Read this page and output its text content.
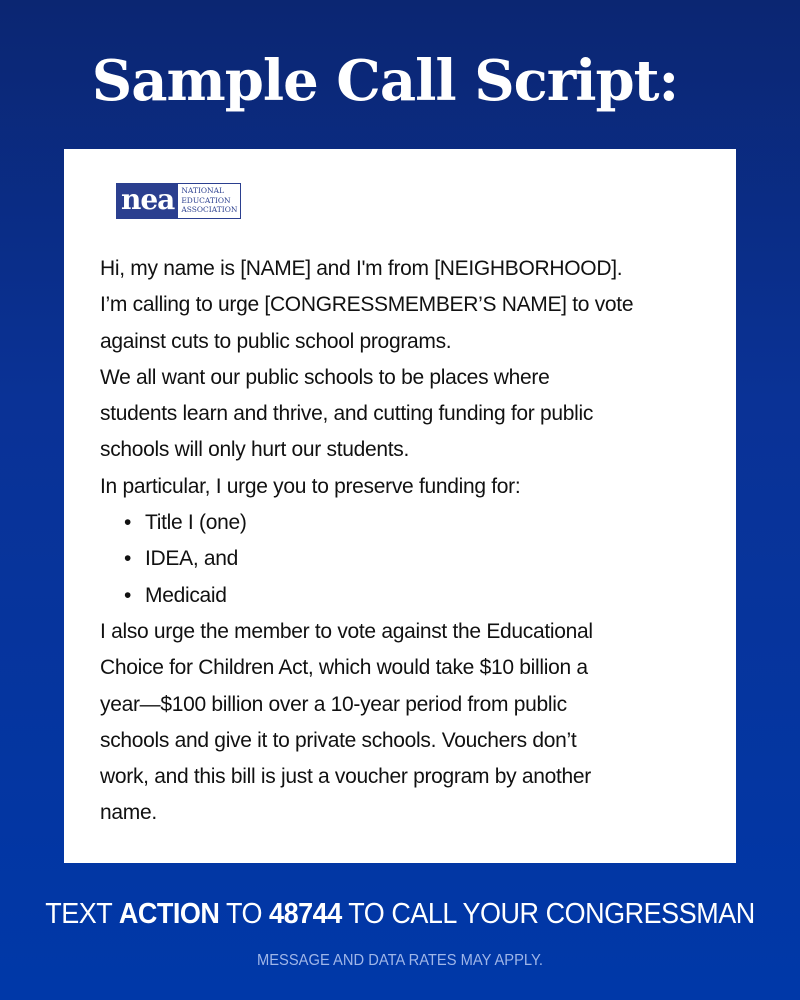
Sample Call Script:
nea NATIONAL
EDUCATION
ASSOCIATION
Hi, my name is [NAME] and I'm from [NEIGHBORHOOD].
I’m calling to urge [CONGRESSMEMBER’S NAME] to vote
against cuts to public school programs.
We all want our public schools to be places where
students learn and thrive, and cutting funding for public
schools will only hurt our students.
In particular, I urge you to preserve funding for:
• Title I (one)
• IDEA, and
• Medicaid
I also urge the member to vote against the Educational
Choice for Children Act, which would take $10 billion a
year—$100 billion over a 10-year period from public
schools and give it to private schools. Vouchers don’t
work, and this bill is just a voucher program by another
name.
TEXT ACTION TO 48744 TO CALL YOUR CONGRESSMAN
MESSAGE AND DATA RATES MAY APPLY.
